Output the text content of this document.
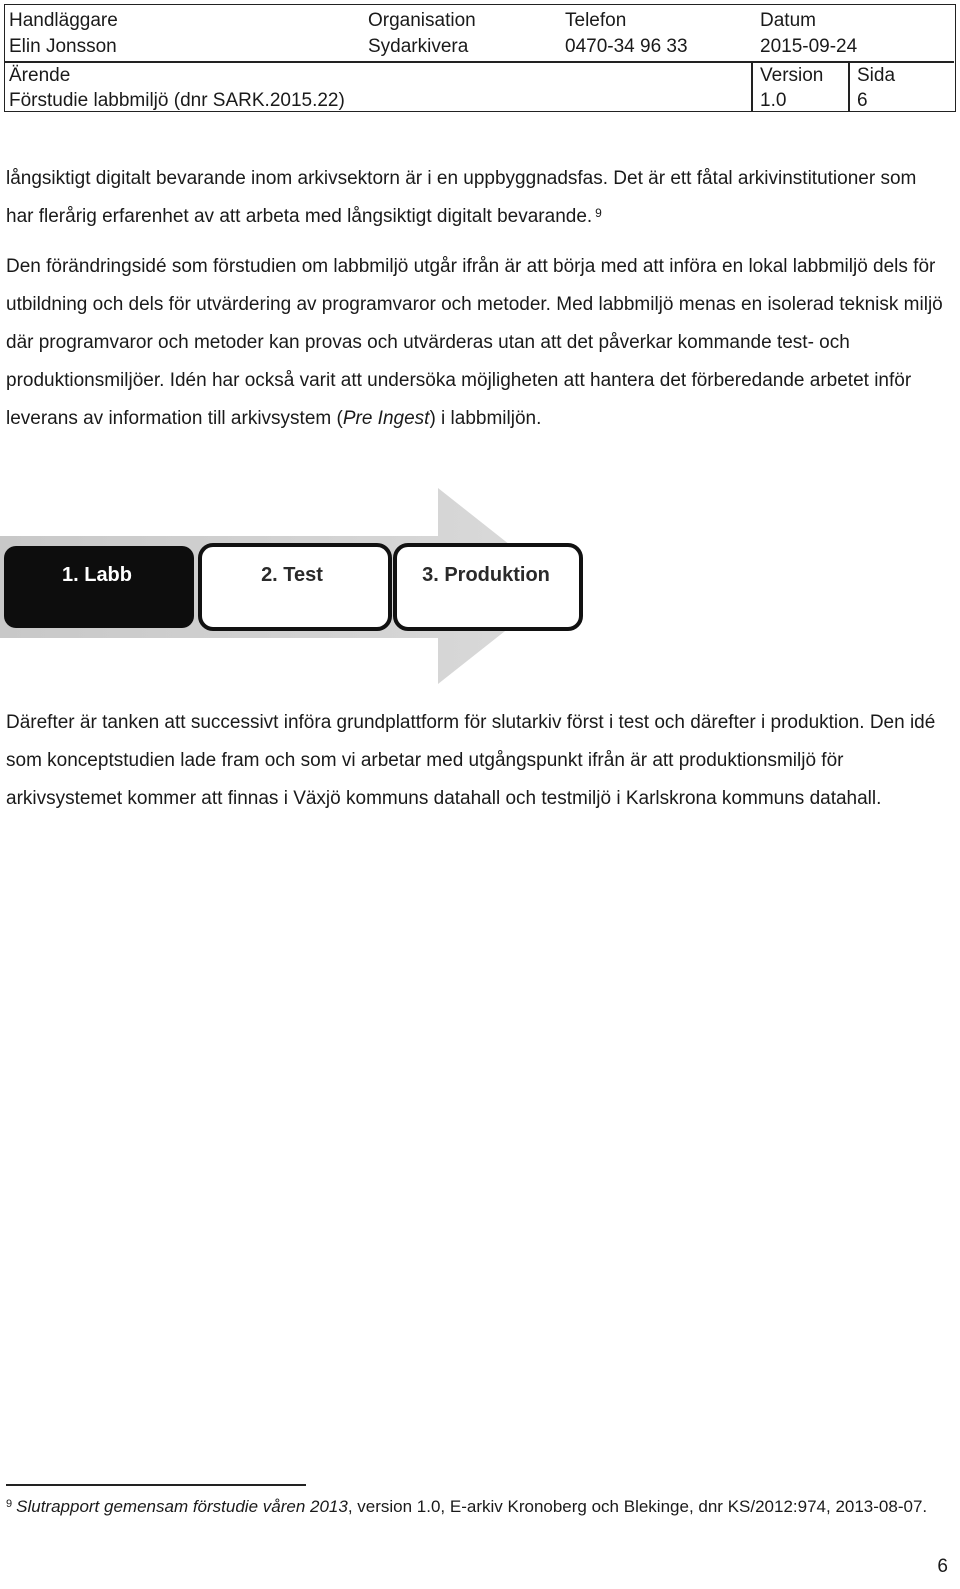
Handläggare
Elin Jonsson
Organisation
Sydarkivera
Telefon
0470-34 96 33
Datum
2015-09-24
Ärende
Förstudie labbmiljö (dnr SARK.2015.22)
Version
1.0
Sida
6

långsiktigt digitalt bevarande inom arkivsektorn är i en uppbyggnadsfas. Det är ett fåtal arkivinstitutioner som har flerårig erfarenhet av att arbeta med långsiktigt digitalt bevarande. $^9$

Den förändringsidé som förstudien om labbmiljö utgår ifrån är att börja med att införa en lokal labbmiljö dels för utbildning och dels för utvärdering av programvaror och metoder. Med labbmiljö menas en isolerad teknisk miljö där programvaror och metoder kan provas och utvärderas utan att det påverkar kommande test- och produktionsmiljöer. Idén har också varit att undersöka möjligheten att hantera det förberedande arbetet inför leverans av information till arkivsystem (Pre Ingest) i labbmiljön.

1. Labb	2. Test	3. Produktion

Därefter är tanken att successivt införa grundplattform för slutarkiv först i test och därefter i produktion. Den idé som konceptstudien lade fram och som vi arbetar med utgångspunkt ifrån är att produktionsmiljö för arkivsystemet kommer att finnas i Växjö kommuns datahall och testmiljö i Karlskrona kommuns datahall.

$^9$ Slutrapport gemensam förstudie våren 2013, version 1.0, E-arkiv Kronoberg och Blekinge, dnr KS/2012:974, 2013-08-07.
6
